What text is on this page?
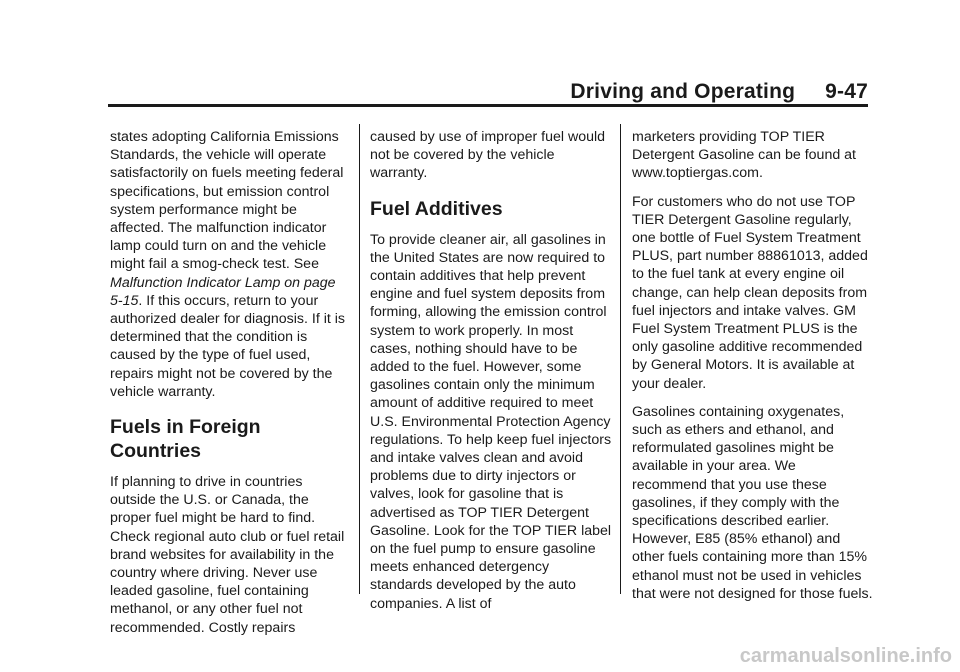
Driving and Operating 9-47

states adopting California Emissions Standards, the vehicle will operate satisfactorily on fuels meeting federal specifications, but emission control system performance might be affected. The malfunction indicator lamp could turn on and the vehicle might fail a smog-check test. See Malfunction Indicator Lamp on page 5-15. If this occurs, return to your authorized dealer for diagnosis. If it is determined that the condition is caused by the type of fuel used, repairs might not be covered by the vehicle warranty.

Fuels in Foreign
Countries

If planning to drive in countries outside the U.S. or Canada, the proper fuel might be hard to find. Check regional auto club or fuel retail brand websites for availability in the country where driving. Never use leaded gasoline, fuel containing methanol, or any other fuel not recommended. Costly repairs

caused by use of improper fuel would not be covered by the vehicle warranty.

Fuel Additives

To provide cleaner air, all gasolines in the United States are now required to contain additives that help prevent engine and fuel system deposits from forming, allowing the emission control system to work properly. In most cases, nothing should have to be added to the fuel. However, some gasolines contain only the minimum amount of additive required to meet U.S. Environmental Protection Agency regulations. To help keep fuel injectors and intake valves clean and avoid problems due to dirty injectors or valves, look for gasoline that is advertised as TOP TIER Detergent Gasoline. Look for the TOP TIER label on the fuel pump to ensure gasoline meets enhanced detergency standards developed by the auto companies. A list of

marketers providing TOP TIER Detergent Gasoline can be found at www.toptiergas.com.

For customers who do not use TOP TIER Detergent Gasoline regularly, one bottle of Fuel System Treatment PLUS, part number 88861013, added to the fuel tank at every engine oil change, can help clean deposits from fuel injectors and intake valves. GM Fuel System Treatment PLUS is the only gasoline additive recommended by General Motors. It is available at your dealer.

Gasolines containing oxygenates, such as ethers and ethanol, and reformulated gasolines might be available in your area. We recommend that you use these gasolines, if they comply with the specifications described earlier. However, E85 (85% ethanol) and other fuels containing more than 15% ethanol must not be used in vehicles that were not designed for those fuels.

carmanualsonline.info
